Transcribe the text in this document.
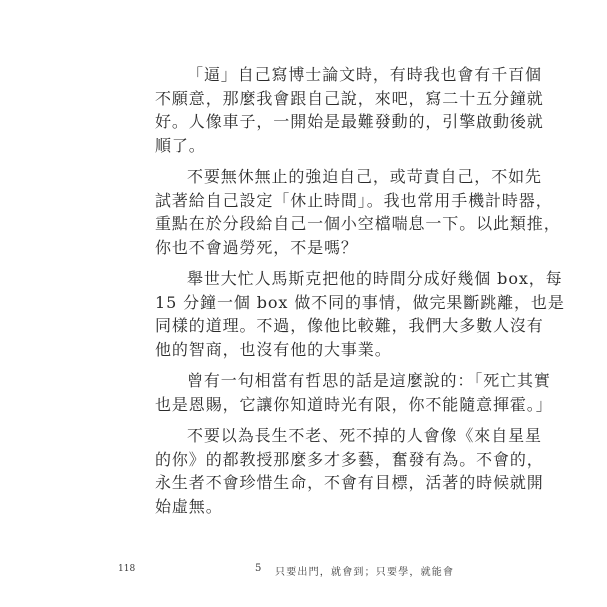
「逼」自己寫博士論文時，有時我也會有千百個
不願意，那麼我會跟自己說，來吧，寫二十五分鐘就
好。人像車子，一開始是最難發動的，引擎啟動後就
順了。

不要無休無止的強迫自己，或苛責自己，不如先
試著給自己設定「休止時間」。我也常用手機計時器，
重點在於分段給自己一個小空檔喘息一下。以此類推，
你也不會過勞死，不是嗎？

舉世大忙人馬斯克把他的時間分成好幾個 box，每
15 分鐘一個 box 做不同的事情，做完果斷跳離，也是
同樣的道理。不過，像他比較難，我們大多數人沒有
他的智商，也沒有他的大事業。

曾有一句相當有哲思的話是這麼說的：「死亡其實
也是恩賜，它讓你知道時光有限，你不能隨意揮霍。」

不要以為長生不老、死不掉的人會像《來自星星
的你》的都教授那麼多才多藝，奮發有為。不會的，
永生者不會珍惜生命，不會有目標，活著的時候就開
始虛無。

118	5 只要出門，就會到；只要學，就能會
